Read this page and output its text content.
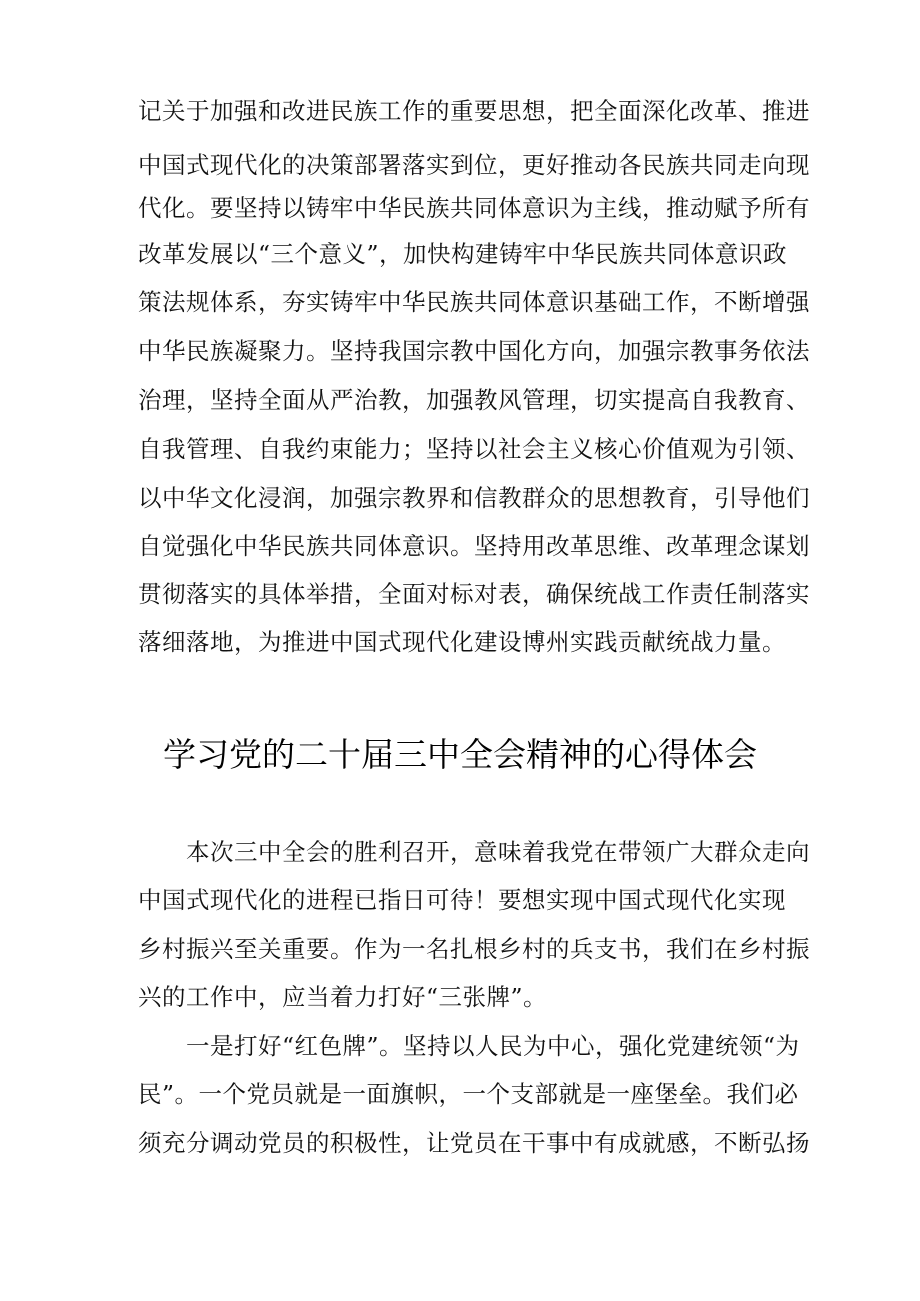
记关于加强和改进民族工作的重要思想，把全面深化改革、推进
中国式现代化的决策部署落实到位，更好推动各民族共同走向现
代化。要坚持以铸牢中华民族共同体意识为主线，推动赋予所有
改革发展以“三个意义”，加快构建铸牢中华民族共同体意识政
策法规体系，夯实铸牢中华民族共同体意识基础工作，不断增强
中华民族凝聚力。坚持我国宗教中国化方向，加强宗教事务依法
治理，坚持全面从严治教，加强教风管理，切实提高自我教育、
自我管理、自我约束能力；坚持以社会主义核心价值观为引领、
以中华文化浸润，加强宗教界和信教群众的思想教育，引导他们
自觉强化中华民族共同体意识。坚持用改革思维、改革理念谋划
贯彻落实的具体举措，全面对标对表，确保统战工作责任制落实
落细落地，为推进中国式现代化建设博州实践贡献统战力量。
学习党的二十届三中全会精神的心得体会
　　本次三中全会的胜利召开，意味着我党在带领广大群众走向
中国式现代化的进程已指日可待！要想实现中国式现代化实现
乡村振兴至关重要。作为一名扎根乡村的兵支书，我们在乡村振
兴的工作中，应当着力打好“三张牌”。
　　一是打好“红色牌”。坚持以人民为中心，强化党建统领“为
民”。一个党员就是一面旗帜，一个支部就是一座堡垒。我们必
须充分调动党员的积极性，让党员在干事中有成就感，不断弘扬
